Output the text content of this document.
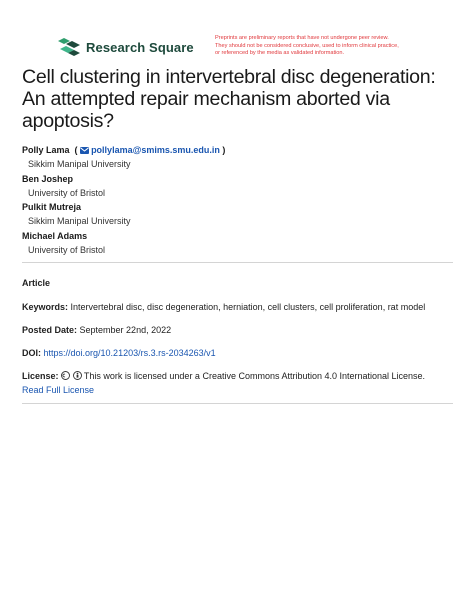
Research Square
Preprints are preliminary reports that have not undergone peer review.
They should not be considered conclusive, used to inform clinical practice,
or referenced by the media as validated information.
Cell clustering in intervertebral disc degeneration:
An attempted repair mechanism aborted via
apoptosis?
Polly Lama  ( pollylama@smims.smu.edu.in )
Sikkim Manipal University
Ben Joshep
University of Bristol
Pulkit Mutreja
Sikkim Manipal University
Michael Adams
University of Bristol
Article
Keywords: Intervertebral disc, disc degeneration, herniation, cell clusters, cell proliferation, rat model
Posted Date: September 22nd, 2022
DOI: https://doi.org/10.21203/rs.3.rs-2034263/v1
License:	This work is licensed under a Creative Commons Attribution 4.0 International License.
Read Full License
